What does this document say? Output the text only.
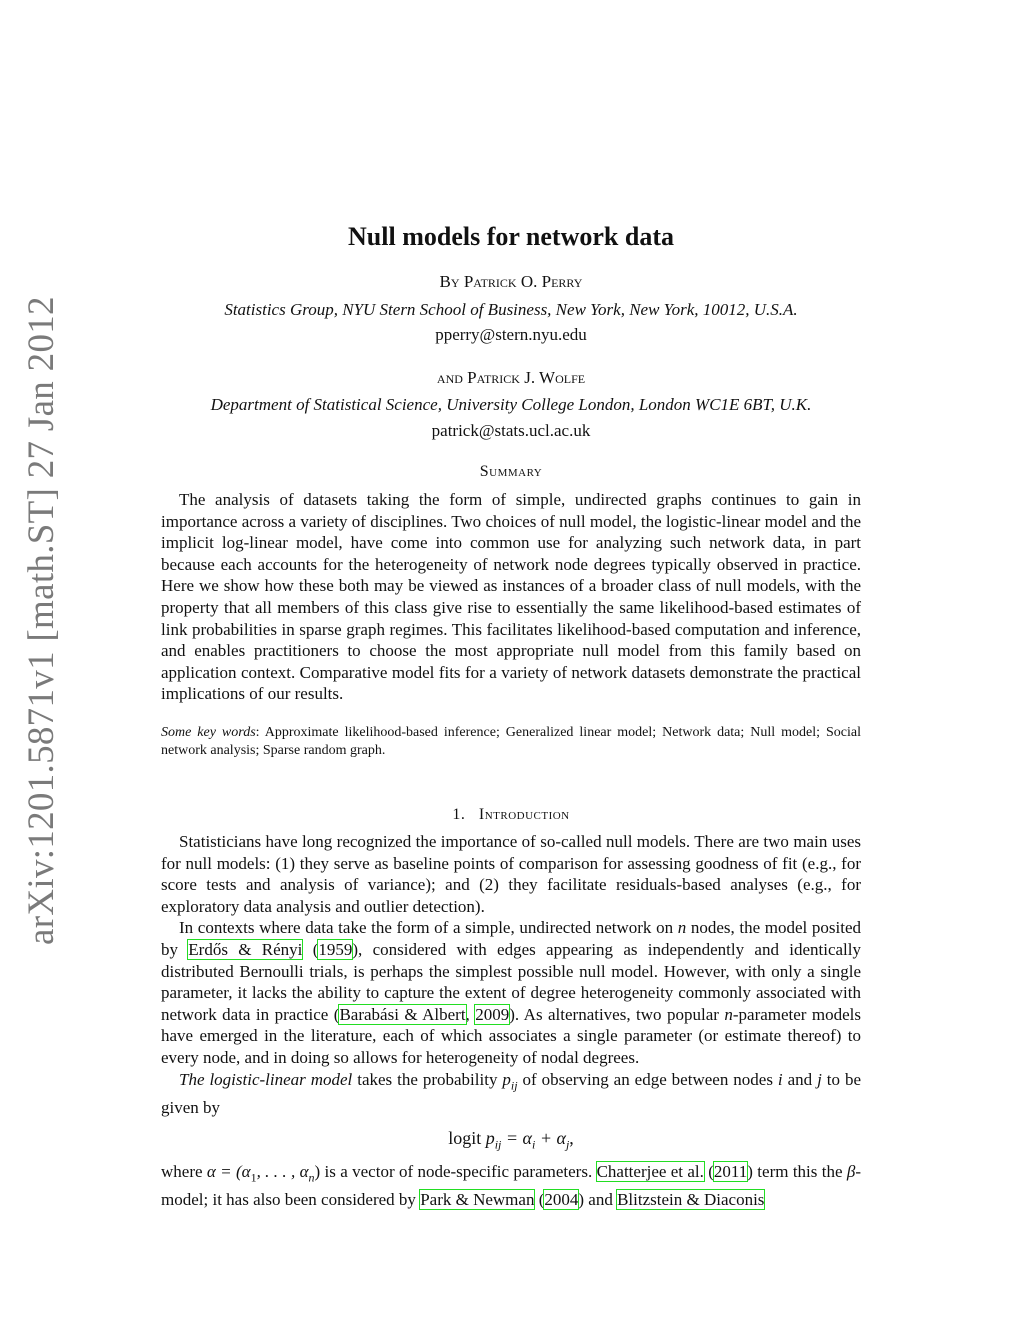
arXiv:1201.5871v1 [math.ST] 27 Jan 2012
Null models for network data
By Patrick O. Perry
Statistics Group, NYU Stern School of Business, New York, New York, 10012, U.S.A.
pperry@stern.nyu.edu
and Patrick J. Wolfe
Department of Statistical Science, University College London, London WC1E 6BT, U.K.
patrick@stats.ucl.ac.uk
Summary
The analysis of datasets taking the form of simple, undirected graphs continues to gain in importance across a variety of disciplines. Two choices of null model, the logistic-linear model and the implicit log-linear model, have come into common use for analyzing such network data, in part because each accounts for the heterogeneity of network node degrees typically observed in practice. Here we show how these both may be viewed as instances of a broader class of null models, with the property that all members of this class give rise to essentially the same likelihood-based estimates of link probabilities in sparse graph regimes. This facilitates likelihood-based computation and inference, and enables practitioners to choose the most appropriate null model from this family based on application context. Comparative model fits for a variety of network datasets demonstrate the practical implications of our results.
Some key words: Approximate likelihood-based inference; Generalized linear model; Network data; Null model; Social network analysis; Sparse random graph.
1. Introduction
Statisticians have long recognized the importance of so-called null models. There are two main uses for null models: (1) they serve as baseline points of comparison for assessing goodness of fit (e.g., for score tests and analysis of variance); and (2) they facilitate residuals-based analyses (e.g., for exploratory data analysis and outlier detection).
In contexts where data take the form of a simple, undirected network on n nodes, the model posited by Erdős & Rényi (1959), considered with edges appearing as independently and identically distributed Bernoulli trials, is perhaps the simplest possible null model. However, with only a single parameter, it lacks the ability to capture the extent of degree heterogeneity commonly associated with network data in practice (Barabási & Albert, 2009). As alternatives, two popular n-parameter models have emerged in the literature, each of which associates a single parameter (or estimate thereof) to every node, and in doing so allows for heterogeneity of nodal degrees.
The logistic-linear model takes the probability $p_{ij}$ of observing an edge between nodes i and j to be given by
logit $p_{ij} = \alpha_i + \alpha_j$,
where $\alpha = (\alpha_1$, . . . , $\alpha_n$) is a vector of node-specific parameters. Chatterjee et al. (2011) term this the β-model; it has also been considered by Park & Newman (2004) and Blitzstein & Diaconis
